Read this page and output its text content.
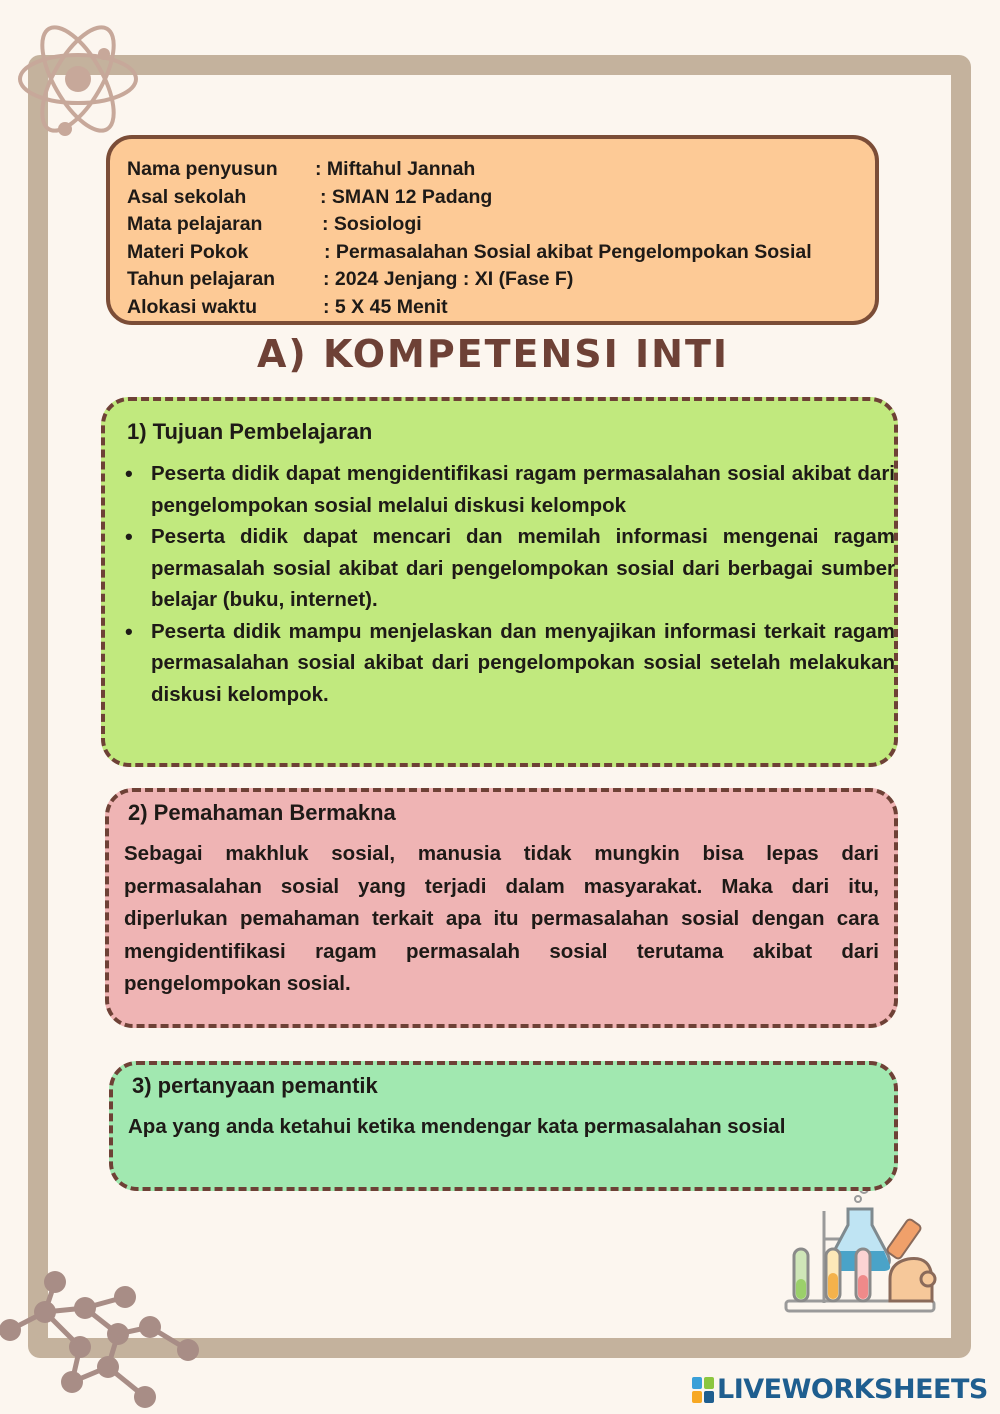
Nama penyusun	: Miftahul Jannah
Asal sekolah	: SMAN 12 Padang
Mata pelajaran	: Sosiologi
Materi Pokok	: Permasalahan Sosial akibat Pengelompokan Sosial
Tahun pelajaran	: 2024 Jenjang : XI (Fase F)
Alokasi waktu	: 5 X 45 Menit
A) KOMPETENSI INTI
1) Tujuan Pembelajaran
• Peserta didik dapat mengidentifikasi ragam permasalahan sosial akibat dari pengelompokan sosial melalui diskusi kelompok
• Peserta didik dapat mencari dan memilah informasi mengenai ragam permasalah sosial akibat dari pengelompokan sosial dari berbagai sumber belajar (buku, internet).
• Peserta didik mampu menjelaskan dan menyajikan informasi terkait ragam permasalahan sosial akibat dari pengelompokan sosial setelah melakukan diskusi kelompok.
2) Pemahaman Bermakna

Sebagai makhluk sosial, manusia tidak mungkin bisa lepas dari permasalahan sosial yang terjadi dalam masyarakat. Maka dari itu, diperlukan pemahaman terkait apa itu permasalahan sosial dengan cara mengidentifikasi ragam permasalah sosial terutama akibat dari pengelompokan sosial.

3) pertanyaan pemantik

Apa yang anda ketahui ketika mendengar kata permasalahan sosial

LIVEWORKSHEETS
